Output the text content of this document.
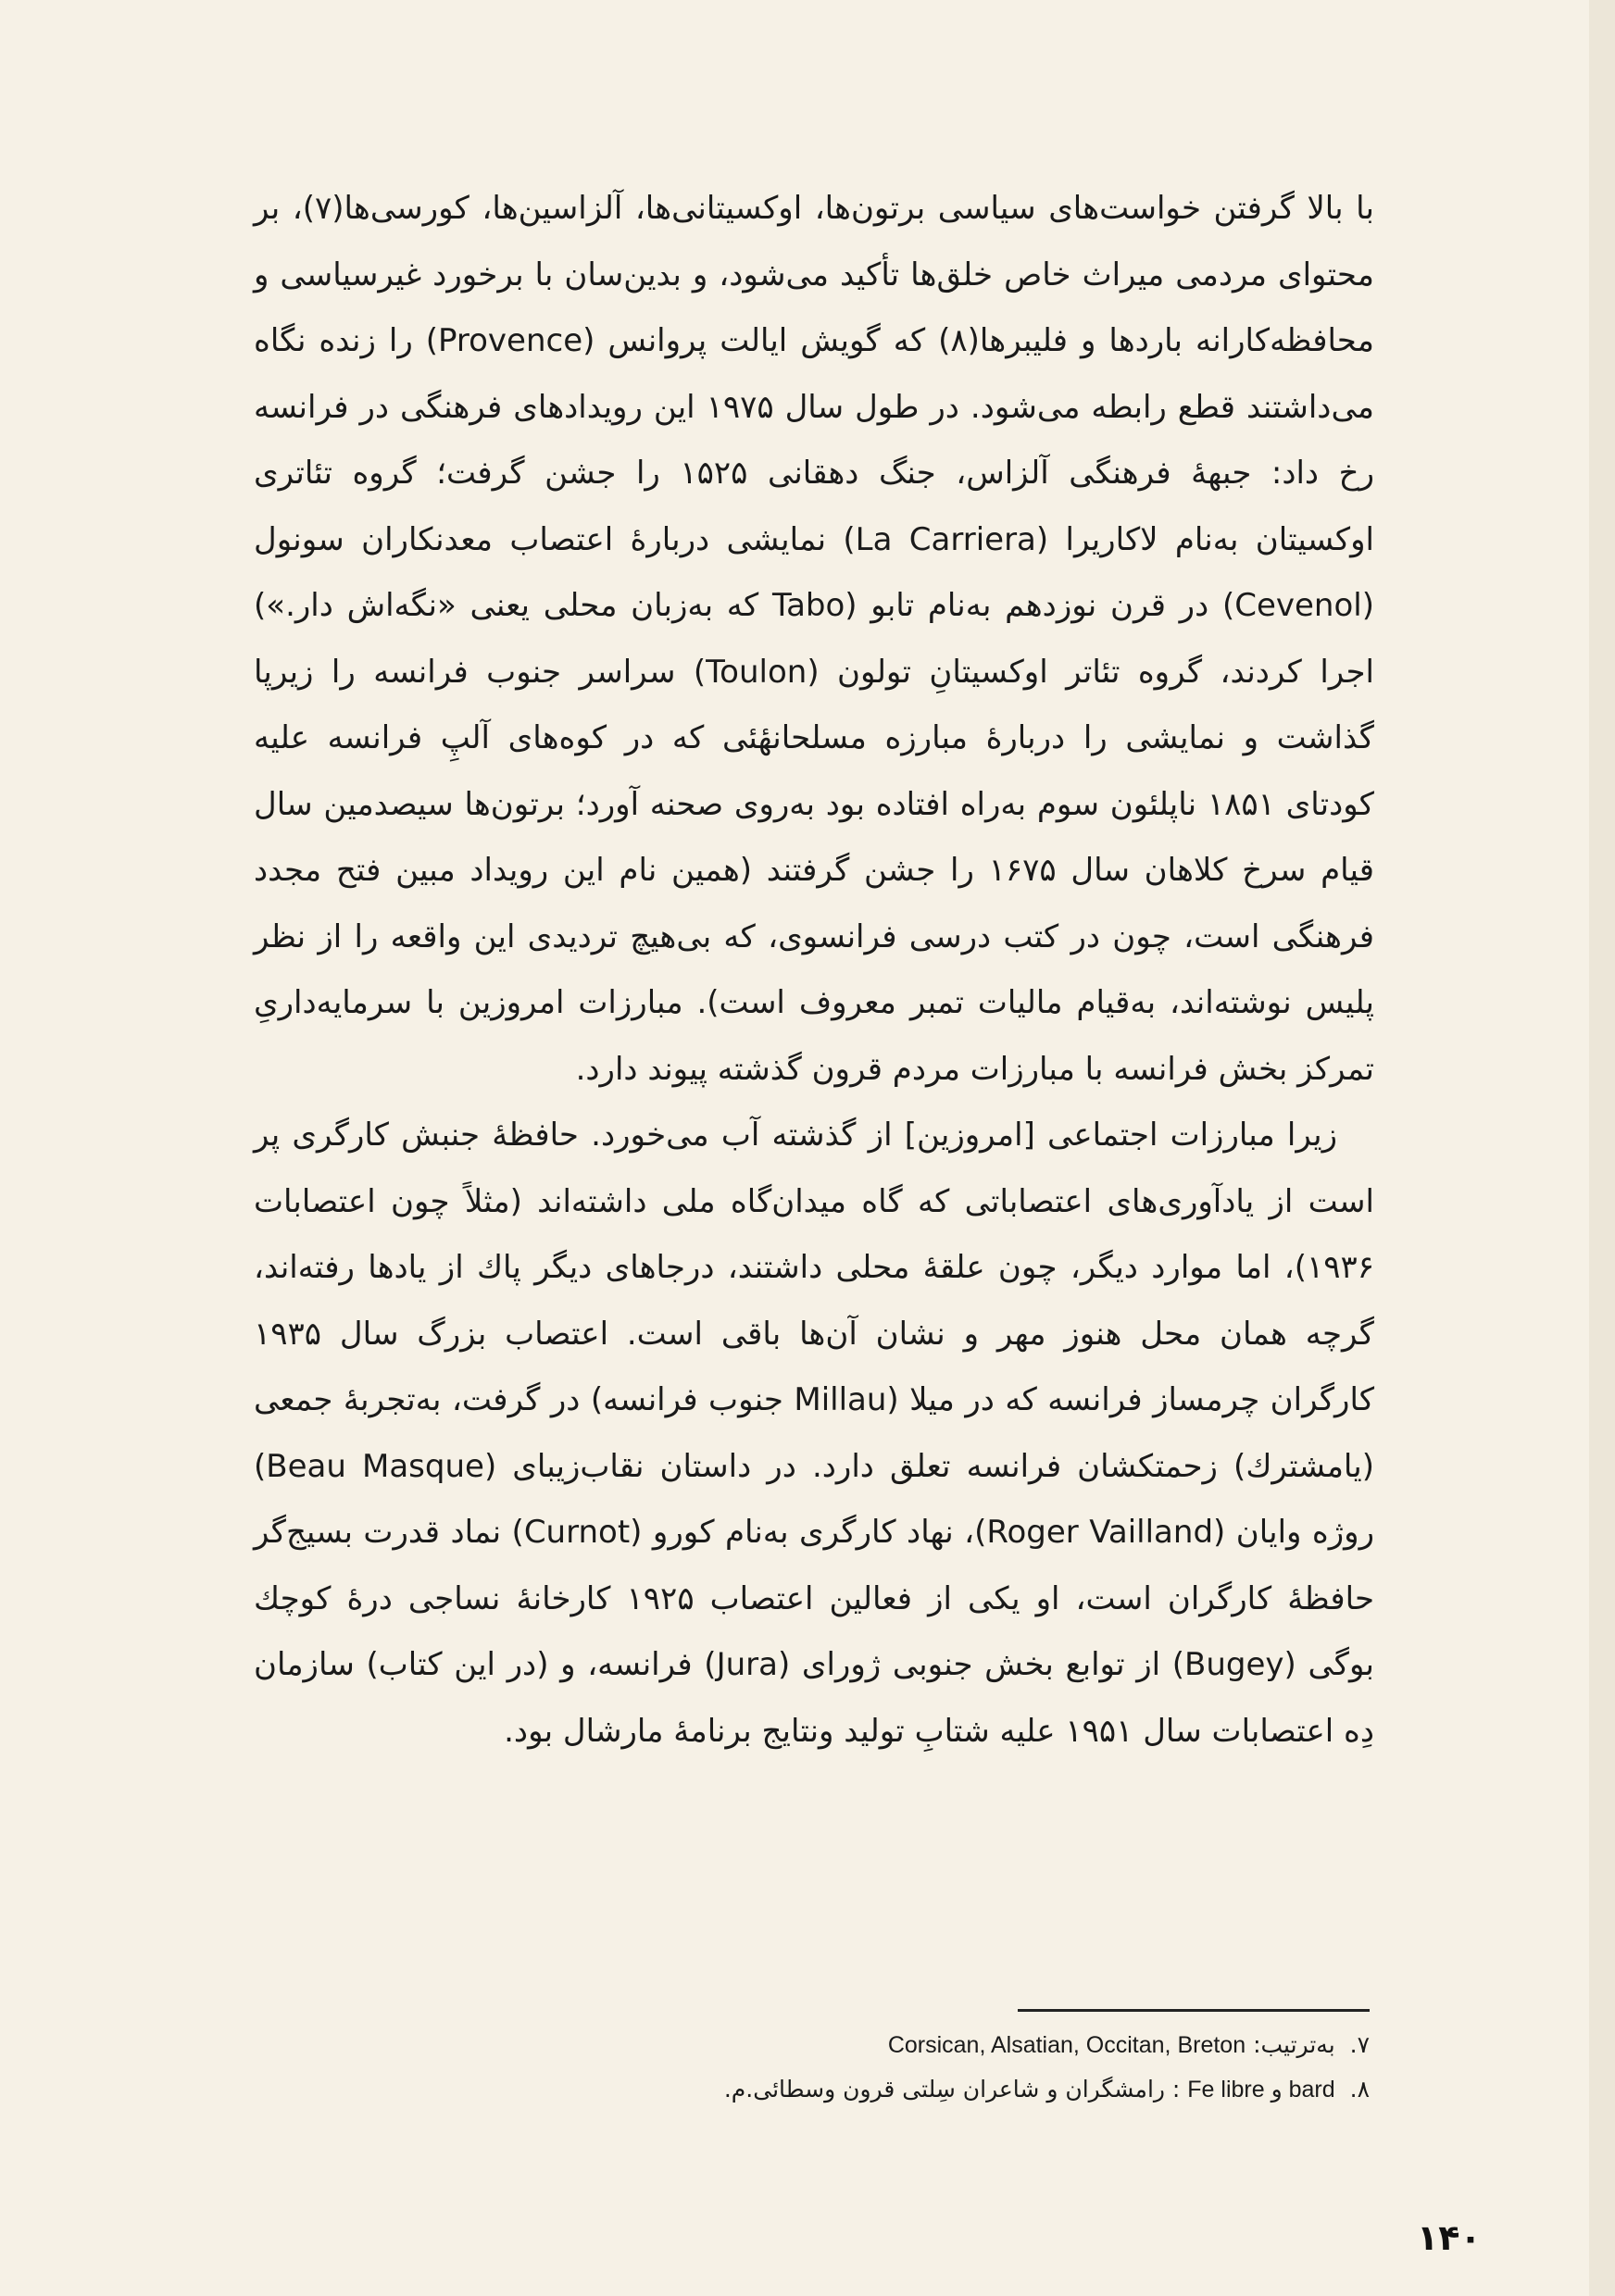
با بالا گرفتن خواست‌های سیاسی برتون‌ها، اوکسیتانی‌ها، آلزاسین‌ها، کورسی‌ها(۷)، بر محتوای مردمی میراث خاص خلق‌ها تأکید می‌شود، و بدین‌سان با برخورد غیرسیاسی و محافظه‌کارانه باردها و فلیبرها(۸) که گویش ایالت پروانس (Provence) را زنده نگاه می‌داشتند قطع رابطه می‌شود. در طول سال ۱۹۷۵ این رویدادهای فرهنگی در فرانسه رخ داد: جبههٔ فرهنگی آلزاس، جنگ دهقانی ۱۵۲۵ را جشن گرفت؛ گروه تئاتری اوکسیتان به‌نام لاکاریرا (La Carriera) نمایشی دربارهٔ اعتصاب معدنکاران سونول (Cevenol) در قرن نوزدهم به‌نام تابو (Tabo که به‌زبان محلی یعنی «نگه‌اش دار.») اجرا کردند، گروه تئاتر اوکسیتانِ تولون (Toulon) سراسر جنوب فرانسه را زیرپا گذاشت و نمایشی را دربارهٔ مبارزه مسلحانهٔئی که در کوه‌های آلپِ فرانسه علیه کودتای ۱۸۵۱ ناپلئون سوم به‌راه افتاده بود به‌روی صحنه آورد؛ برتون‌ها سیصدمین سال قیام سرخ کلاهان سال ۱۶۷۵ را جشن گرفتند (همین نام این رویداد مبین فتح مجدد فرهنگی است، چون در کتب درسی فرانسوی، که بی‌هیچ تردیدی این واقعه را از نظر پلیس نوشته‌اند، به‌قیام مالیات تمبر معروف است). مبارزات امروزین با سرمایه‌داریِ تمرکز بخش فرانسه با مبارزات مردم قرون گذشته پیوند دارد.

زیرا مبارزات اجتماعی [امروزین] از گذشته آب می‌خورد. حافظهٔ جنبش کارگری پر است از یادآوری‌های اعتصاباتی که گاه میدان‌گاه ملی داشته‌اند (مثلاً چون اعتصابات ۱۹۳۶)، اما موارد دیگر، چون علقهٔ محلی داشتند، درجاهای دیگر پاك از یادها رفته‌اند، گرچه همان محل هنوز مهر و نشان آن‌ها باقی است. اعتصاب بزرگ سال ۱۹۳۵ کارگران چرمساز فرانسه که در میلا (Millau جنوب فرانسه) در گرفت، به‌تجربهٔ جمعی (یامشترك) زحمتکشان فرانسه تعلق دارد. در داستان نقاب‌زیبای (Beau Masque) روژه وایان (Roger Vailland)، نهاد کارگری به‌نام کورو (Curnot) نماد قدرت بسیج‌گر حافظهٔ کارگران است، او یکی از فعالین اعتصاب ۱۹۲۵ کارخانهٔ نساجی درهٔ کوچك بوگی (Bugey) از توابع بخش جنوبی ژورای (Jura) فرانسه، و (در این کتاب) سازمان دِه اعتصابات سال ۱۹۵۱ علیه شتابِ تولید ونتایج برنامهٔ مارشال بود.

۷. به‌ترتیب: Corsican, Alsatian, Occitan, Breton
۸. Fe libre و bard : رامشگران و شاعران سِلتی قرون وسطائی.م.
۱۴۰
